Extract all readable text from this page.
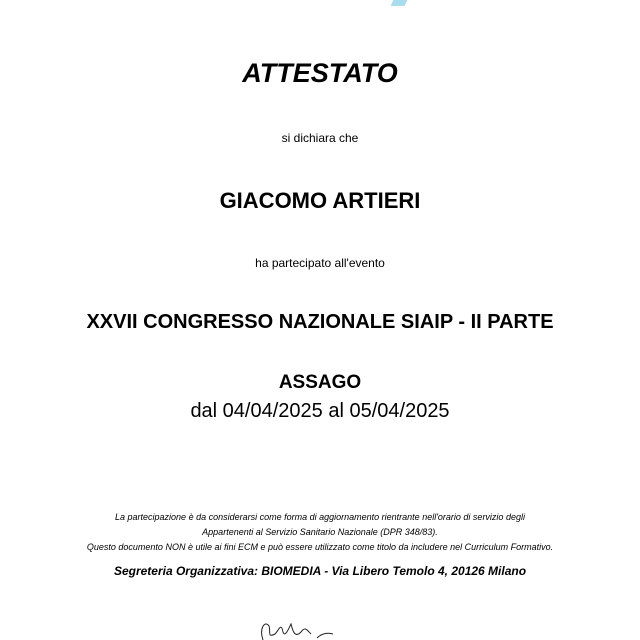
ATTESTATO
si dichiara che
GIACOMO ARTIERI
ha partecipato all'evento
XXVII CONGRESSO NAZIONALE SIAIP - II PARTE
ASSAGO
dal 04/04/2025 al 05/04/2025
La partecipazione è da considerarsi come forma di aggiornamento rientrante nell'orario di servizio degli
Appartenenti al Servizio Sanitario Nazionale (DPR 348/83).
Questo documento NON è utile ai fini ECM e può essere utilizzato come titolo da includere nel Curriculum Formativo.
Segreteria Organizzativa: BIOMEDIA - Via Libero Temolo 4, 20126 Milano
